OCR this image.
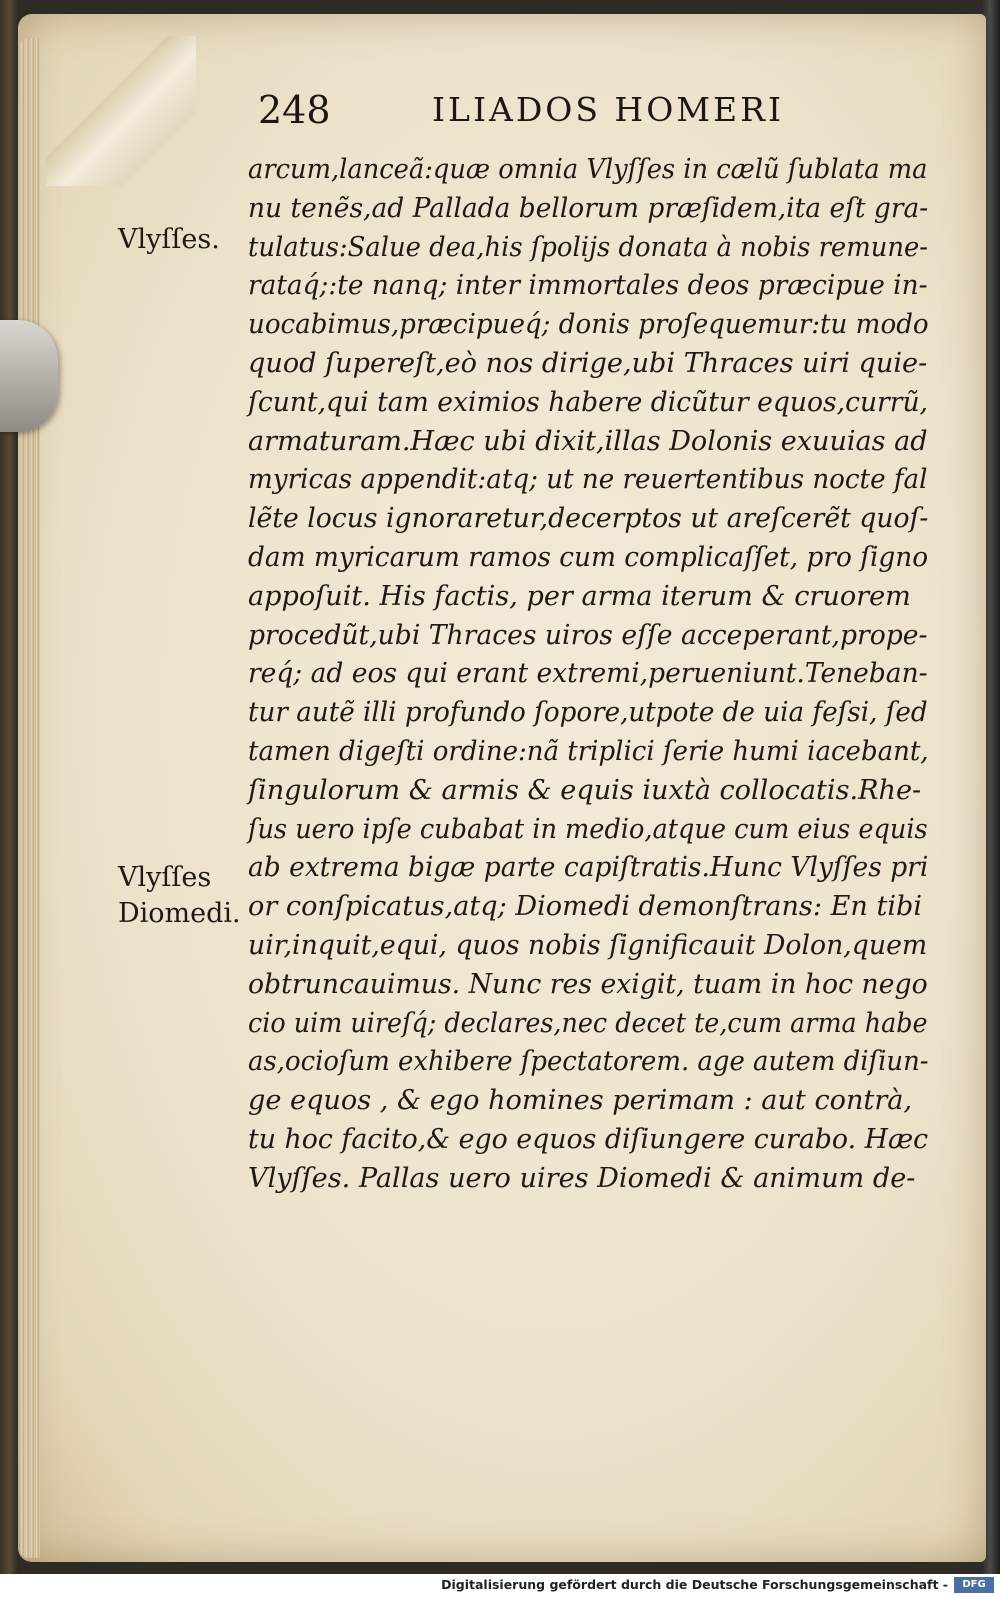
248	ILIADOS HOMERI
Vlyſſes.
Vlyſſes
Diomedi.
arcum,lanceã:quæ omnia Vlyſſes in cælũ ſublata ma
nu tenẽs,ad Pallada bellorum præſidem,ita eſt gra-
tulatus:Salue dea,his ſpolijs donata à nobis remune-
rataq́;:te nanq; inter immortales deos præcipue in-
uocabimus,præcipueq́; donis proſequemur:tu modo
quod ſupereſt,eò nos dirige,ubi Thraces uiri quie-
ſcunt,qui tam eximios habere dicũtur equos,currũ,
armaturam.Hæc ubi dixit,illas Dolonis exuuias ad
myricas appendit:atq; ut ne reuertentibus nocte fal
lẽte locus ignoraretur,decerptos ut areſcerẽt quoſ-
dam myricarum ramos cum complicaſſet, pro ſigno
appoſuit. His factis, per arma iterum & cruorem
procedũt,ubi Thraces uiros eſſe acceperant,prope-
req́; ad eos qui erant extremi,perueniunt.Teneban-
tur autẽ illi profundo ſopore,utpote de uia feſsi, ſed
tamen digeſti ordine:nã triplici ſerie humi iacebant,
ſingulorum & armis & equis iuxtà collocatis.Rhe-
ſus uero ipſe cubabat in medio,atque cum eius equis
ab extrema bigæ parte capiſtratis.Hunc Vlyſſes pri
or conſpicatus,atq; Diomedi demonſtrans: En tibi
uir,inquit,equi, quos nobis ſignificauit Dolon,quem
obtruncauimus. Nunc res exigit, tuam in hoc nego
cio uim uireſq́; declares,nec decet te,cum arma habe
as,ocioſum exhibere ſpectatorem. age autem diſiun-
ge equos , & ego homines perimam : aut contrà,
tu hoc facito,& ego equos diſiungere curabo. Hæc
Vlyſſes. Pallas uero uires Diomedi & animum de-
Digitalisierung gefördert durch die Deutsche Forschungsgemeinschaft -	DFG
